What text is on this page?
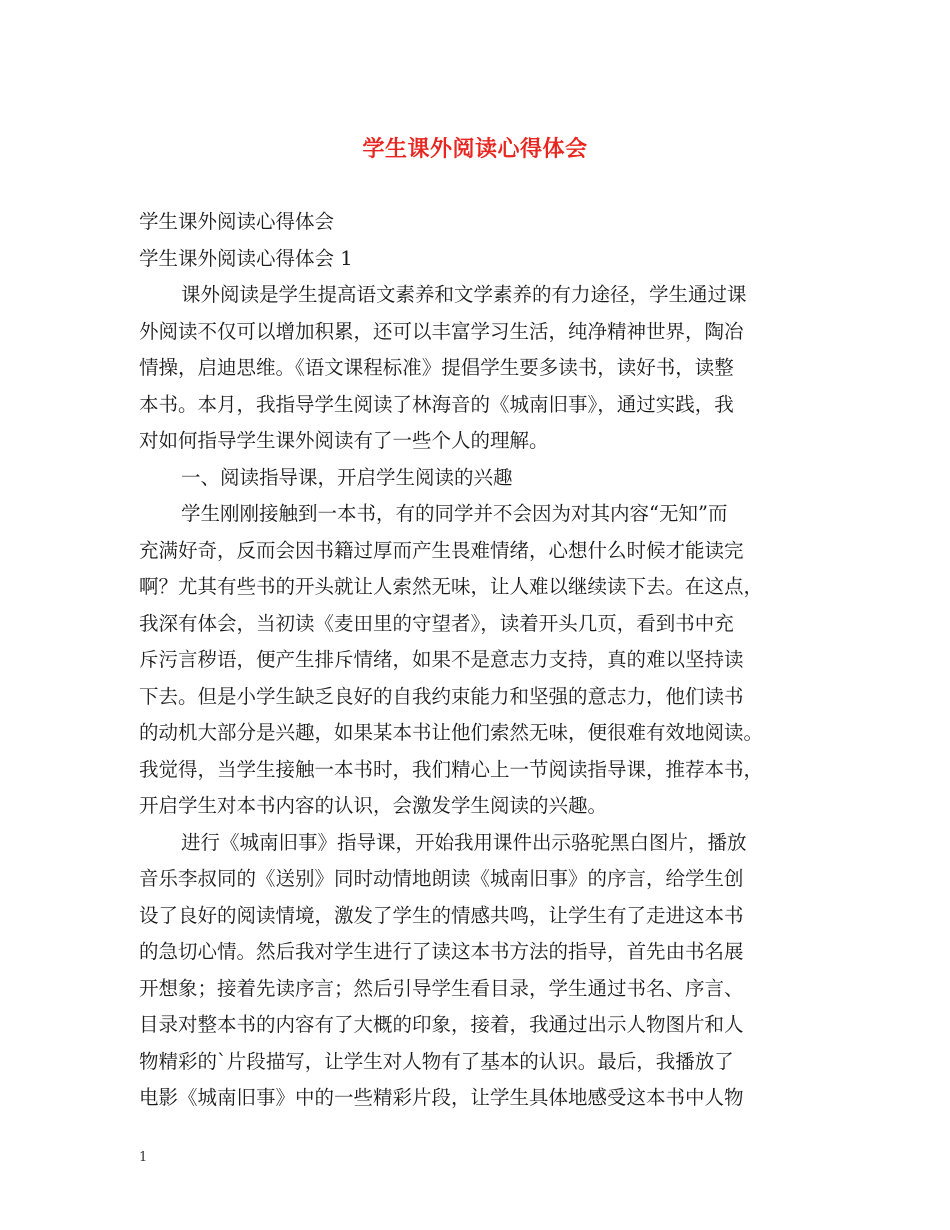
学生课外阅读心得体会
学生课外阅读心得体会
学生课外阅读心得体会 1
课外阅读是学生提高语文素养和文学素养的有力途径，学生通过课
外阅读不仅可以增加积累，还可以丰富学习生活，纯净精神世界，陶冶
情操，启迪思维。《语文课程标准》提倡学生要多读书，读好书，读整
本书。本月，我指导学生阅读了林海音的《城南旧事》，通过实践，我
对如何指导学生课外阅读有了一些个人的理解。
一、阅读指导课，开启学生阅读的兴趣
学生刚刚接触到一本书，有的同学并不会因为对其内容“无知”而
充满好奇，反而会因书籍过厚而产生畏难情绪，心想什么时候才能读完
啊？尤其有些书的开头就让人索然无味，让人难以继续读下去。在这点，
我深有体会，当初读《麦田里的守望者》，读着开头几页，看到书中充
斥污言秽语，便产生排斥情绪，如果不是意志力支持，真的难以坚持读
下去。但是小学生缺乏良好的自我约束能力和坚强的意志力，他们读书
的动机大部分是兴趣，如果某本书让他们索然无味，便很难有效地阅读。
我觉得，当学生接触一本书时，我们精心上一节阅读指导课，推荐本书，
开启学生对本书内容的认识，会激发学生阅读的兴趣。
进行《城南旧事》指导课，开始我用课件出示骆驼黑白图片，播放
音乐李叔同的《送别》同时动情地朗读《城南旧事》的序言，给学生创
设了良好的阅读情境，激发了学生的情感共鸣，让学生有了走进这本书
的急切心情。然后我对学生进行了读这本书方法的指导，首先由书名展
开想象；接着先读序言；然后引导学生看目录，学生通过书名、序言、
目录对整本书的内容有了大概的印象，接着，我通过出示人物图片和人
物精彩的`片段描写，让学生对人物有了基本的认识。最后，我播放了
电影《城南旧事》中的一些精彩片段，让学生具体地感受这本书中人物
1
